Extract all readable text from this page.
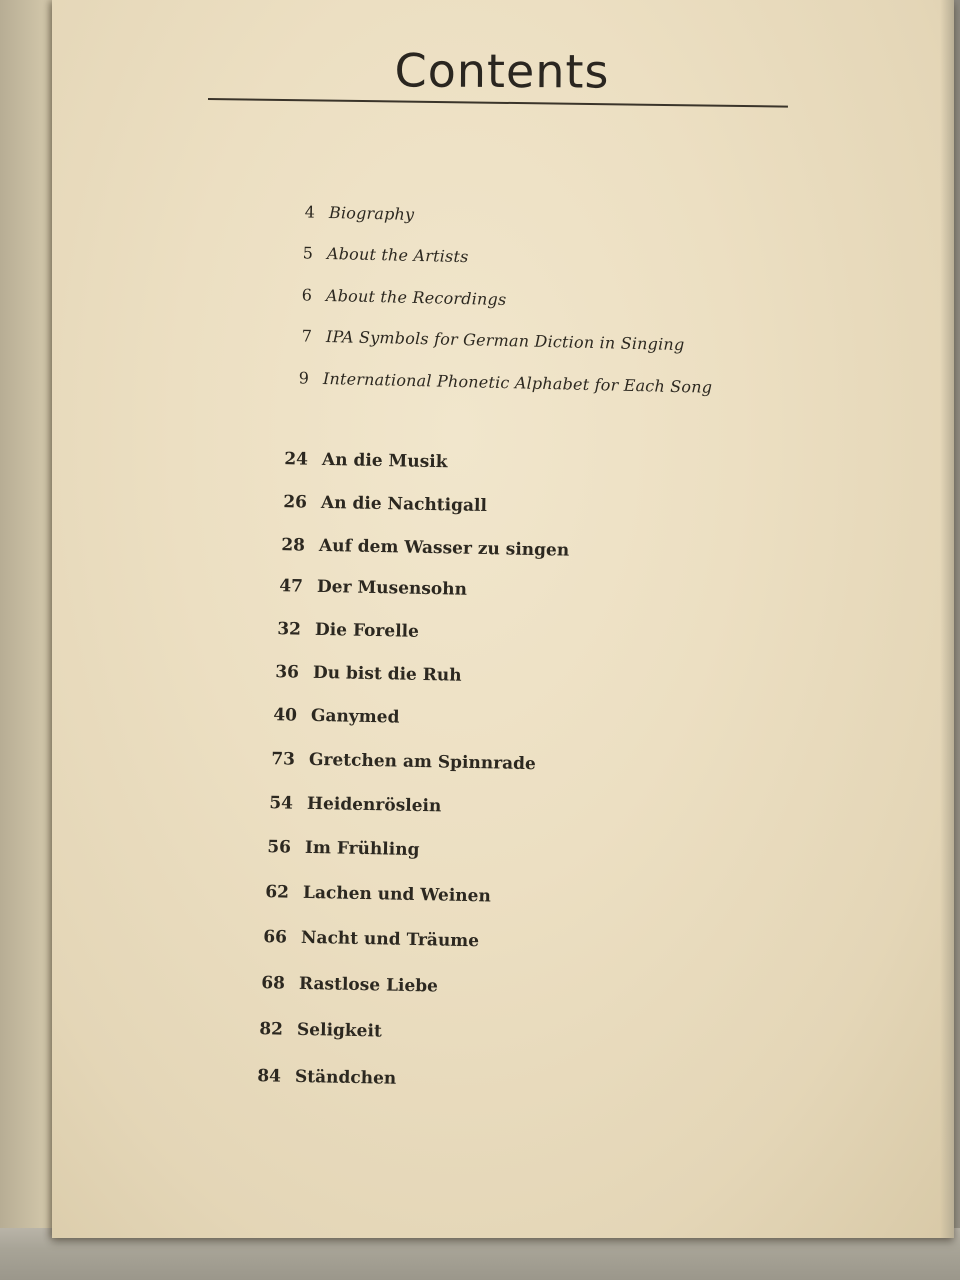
Contents
4 Biography
5 About the Artists
6 About the Recordings
7 IPA Symbols for German Diction in Singing
9 International Phonetic Alphabet for Each Song
24 An die Musik
26 An die Nachtigall
28 Auf dem Wasser zu singen
47 Der Musensohn
32 Die Forelle
36 Du bist die Ruh
40 Ganymed
73 Gretchen am Spinnrade
54 Heidenröslein
56 Im Frühling
62 Lachen und Weinen
66 Nacht und Träume
68 Rastlose Liebe
82 Seligkeit
84 Ständchen
